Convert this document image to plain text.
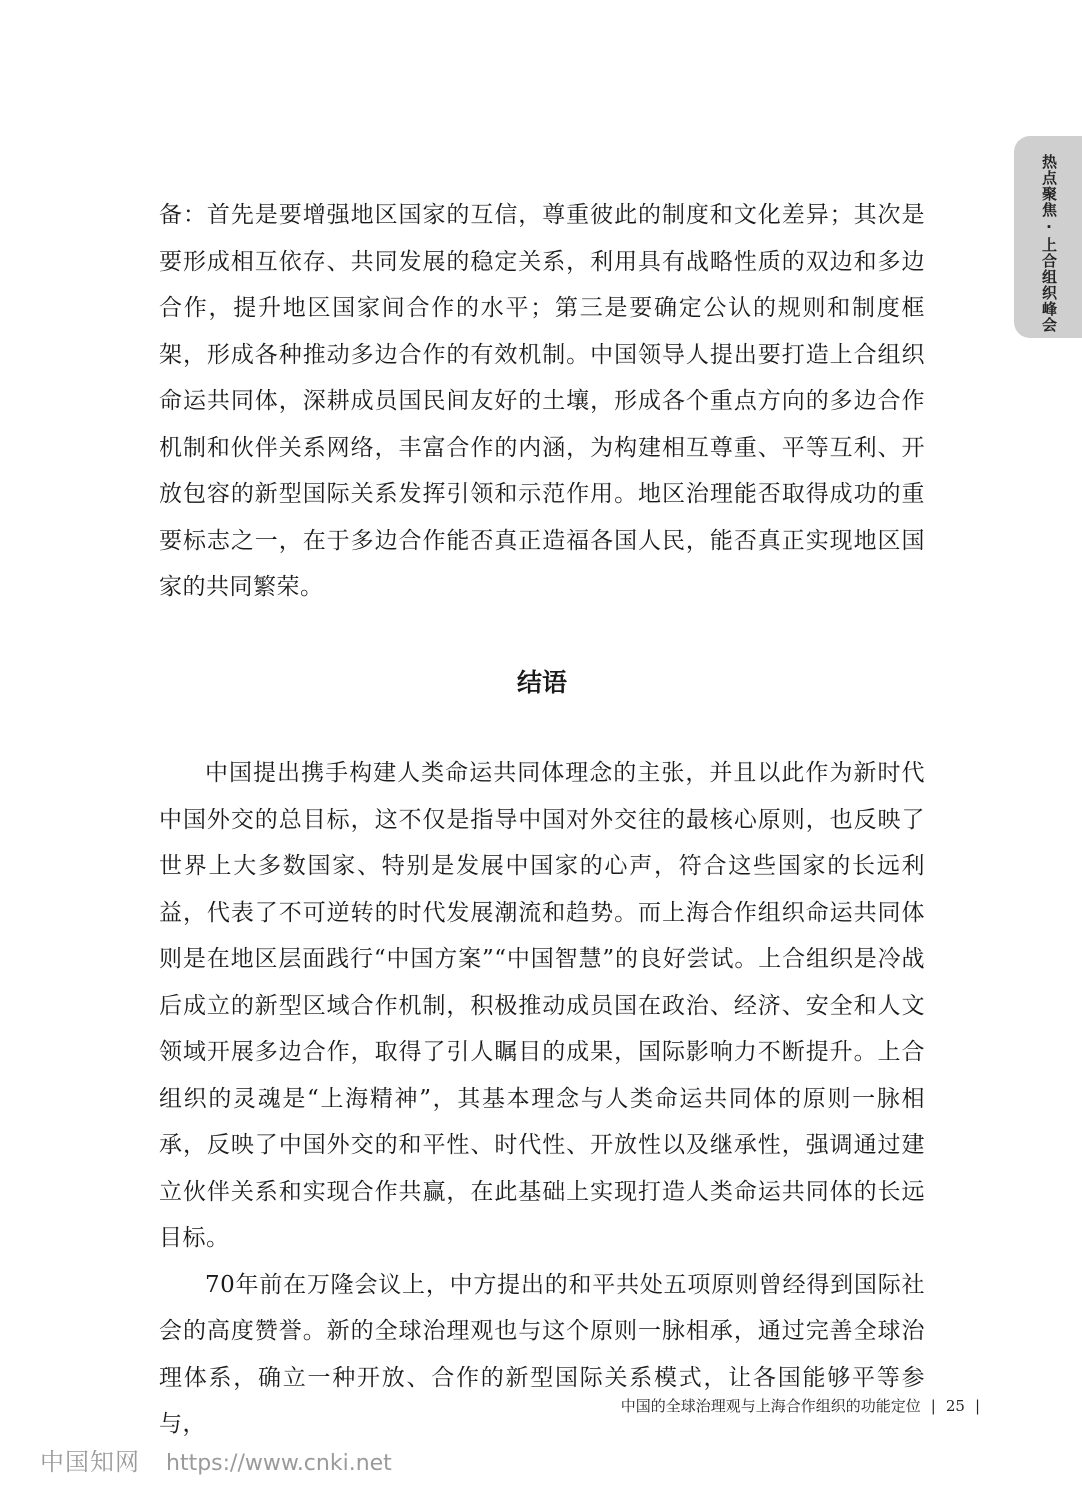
热点聚焦·上合组织峰会

备：首先是要增强地区国家的互信，尊重彼此的制度和文化差异；其次是要形成相互依存、共同发展的稳定关系，利用具有战略性质的双边和多边合作，提升地区国家间合作的水平；第三是要确定公认的规则和制度框架，形成各种推动多边合作的有效机制。中国领导人提出要打造上合组织命运共同体，深耕成员国民间友好的土壤，形成各个重点方向的多边合作机制和伙伴关系网络，丰富合作的内涵，为构建相互尊重、平等互利、开放包容的新型国际关系发挥引领和示范作用。地区治理能否取得成功的重要标志之一，在于多边合作能否真正造福各国人民，能否真正实现地区国家的共同繁荣。

结语

中国提出携手构建人类命运共同体理念的主张，并且以此作为新时代中国外交的总目标，这不仅是指导中国对外交往的最核心原则，也反映了世界上大多数国家、特别是发展中国家的心声，符合这些国家的长远利益，代表了不可逆转的时代发展潮流和趋势。而上海合作组织命运共同体则是在地区层面践行“中国方案”“中国智慧”的良好尝试。上合组织是冷战后成立的新型区域合作机制，积极推动成员国在政治、经济、安全和人文领域开展多边合作，取得了引人瞩目的成果，国际影响力不断提升。上合组织的灵魂是“上海精神”，其基本理念与人类命运共同体的原则一脉相承，反映了中国外交的和平性、时代性、开放性以及继承性，强调通过建立伙伴关系和实现合作共赢，在此基础上实现打造人类命运共同体的长远目标。

70年前在万隆会议上，中方提出的和平共处五项原则曾经得到国际社会的高度赞誉。新的全球治理观也与这个原则一脉相承，通过完善全球治理体系，确立一种开放、合作的新型国际关系模式，让各国能够平等参与，

中国的全球治理观与上海合作组织的功能定位 | 25 |
中国知网 https://www.cnki.net
